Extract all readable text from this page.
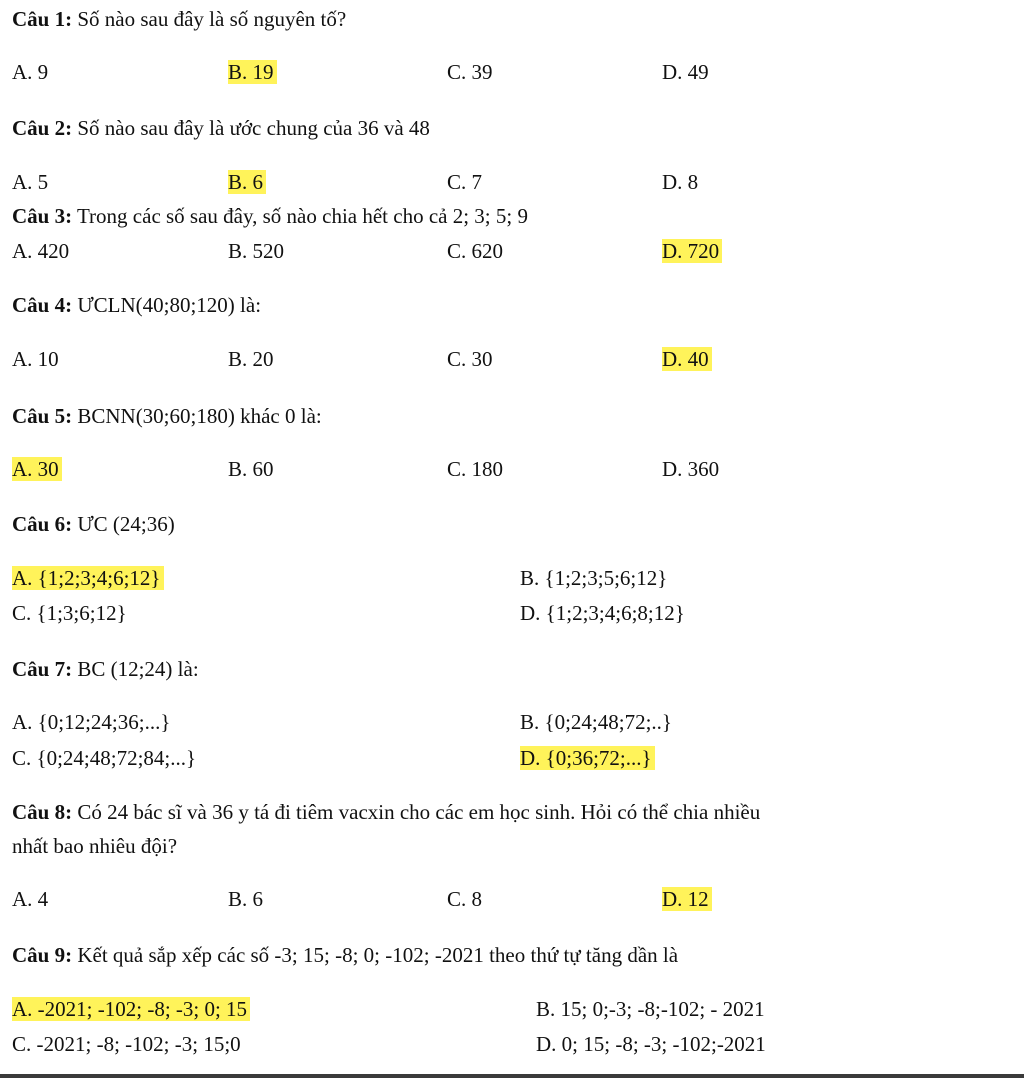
Câu 1: Số nào sau đây là số nguyên tố?
A. 9	B. 19	C. 39	D. 49
Câu 2: Số nào sau đây là ước chung của 36 và 48
A. 5	B. 6	C. 7	D. 8
Câu 3: Trong các số sau đây, số nào chia hết cho cả 2; 3; 5; 9
A. 420	B. 520	C. 620	D. 720
Câu 4: ƯCLN(40;80;120) là:
A. 10	B. 20	C. 30	D. 40
Câu 5: BCNN(30;60;180) khác 0 là:
A. 30	B. 60	C. 180	D. 360
Câu 6: ƯC (24;36)
A. {1;2;3;4;6;12}	B. {1;2;3;5;6;12}
C. {1;3;6;12}	D. {1;2;3;4;6;8;12}
Câu 7: BC (12;24) là:
A. {0;12;24;36;...}	B. {0;24;48;72;..}
C. {0;24;48;72;84;...}	D. {0;36;72;...}
Câu 8: Có 24 bác sĩ và 36 y tá đi tiêm vacxin cho các em học sinh. Hỏi có thể chia nhiều
nhất bao nhiêu đội?
A. 4	B. 6	C. 8	D. 12
Câu 9: Kết quả sắp xếp các số -3; 15; -8; 0; -102; -2021 theo thứ tự tăng dần là
A. -2021; -102; -8; -3; 0; 15	B. 15; 0;-3; -8;-102; - 2021
C. -2021; -8; -102; -3; 15;0	D. 0; 15; -8; -3; -102;-2021
